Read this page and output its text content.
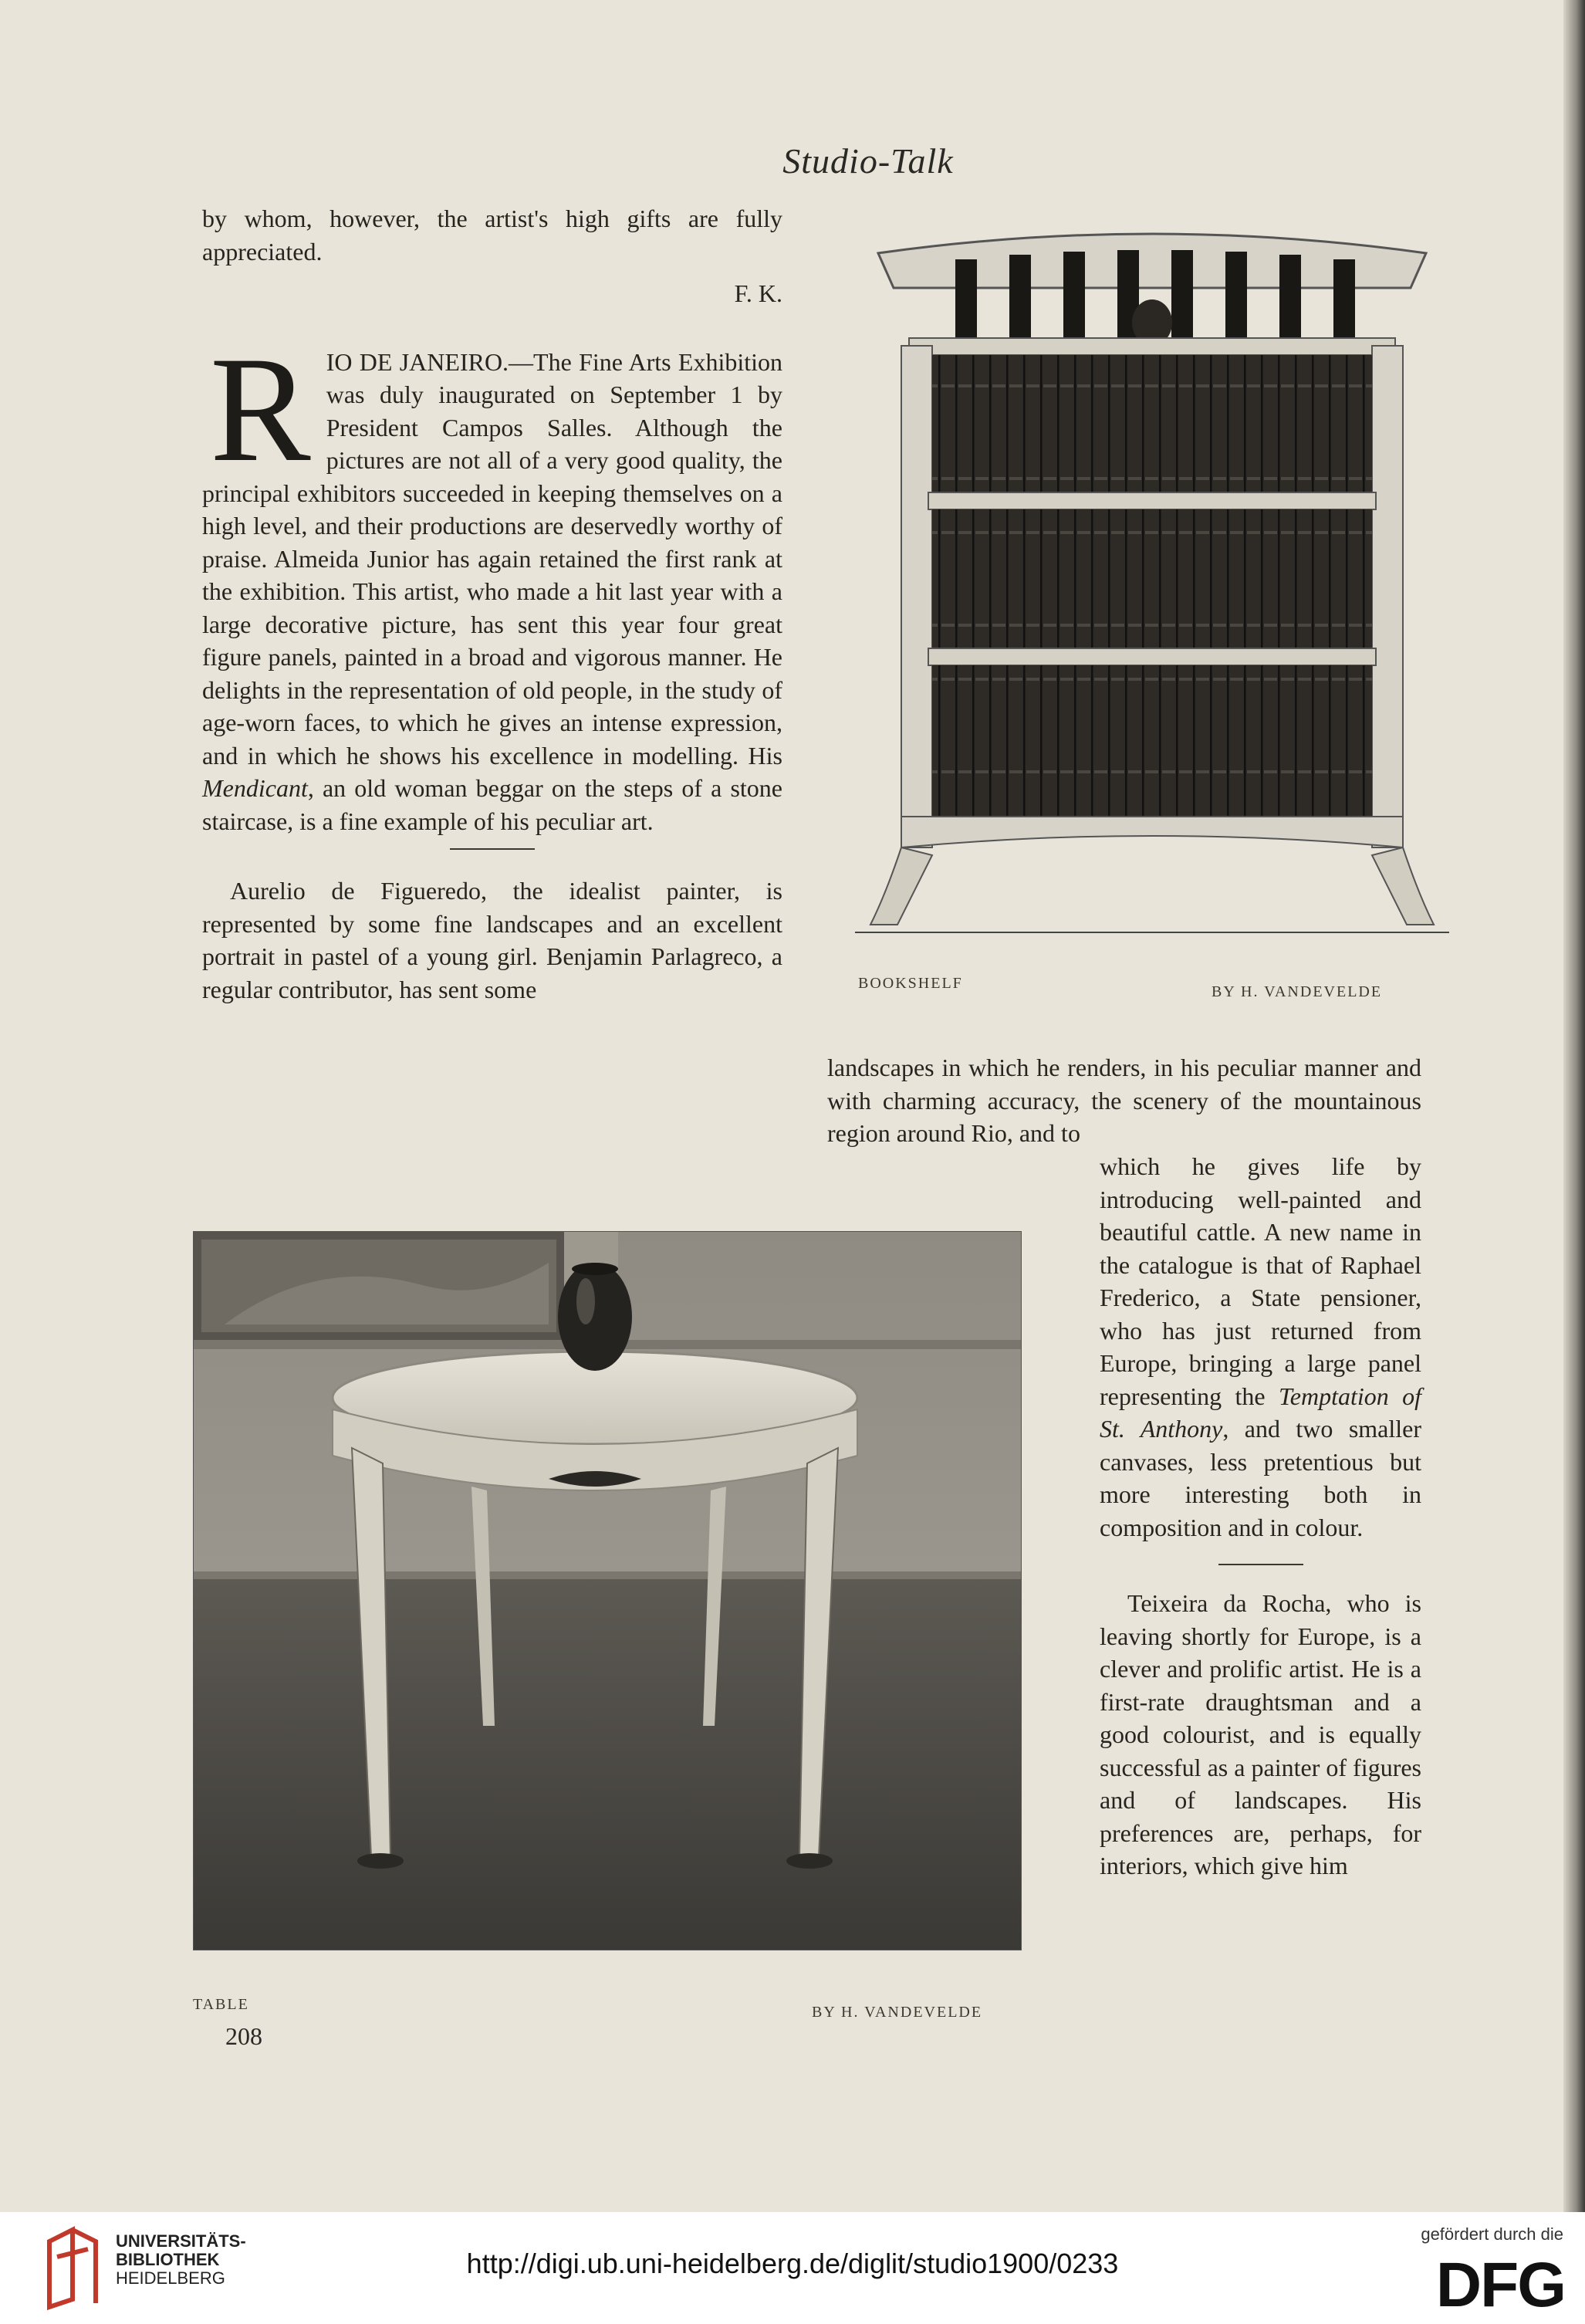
Studio-Talk

by whom, however, the artist's high gifts are fully appreciated.

F. K.

RIO DE JANEIRO.—The Fine Arts Exhibition was duly inaugurated on September 1 by President Campos Salles. Although the pictures are not all of a very good quality, the principal exhibitors succeeded in keeping themselves on a high level, and their productions are deservedly worthy of praise. Almeida Junior has again retained the first rank at the exhibition. This artist, who made a hit last year with a large decorative picture, has sent this year four great figure panels, painted in a broad and vigorous manner. He delights in the representation of old people, in the study of age-worn faces, to which he gives an intense expression, and in which he shows his excellence in modelling. His Mendicant, an old woman beggar on the steps of a stone staircase, is a fine example of his peculiar art.

Aurelio de Figueredo, the idealist painter, is represented by some fine landscapes and an excellent portrait in pastel of a young girl. Benjamin Parlagreco, a regular contributor, has sent some	BOOKSHELF	BY H. VANDEVELDE
landscapes in which he renders, in his peculiar manner and with charming accuracy, the scenery of the mountainous region around Rio, and to

which he gives life by introducing well-painted and beautiful cattle. A new name in the catalogue is that of Raphael Frederico, a State pensioner, who has just returned from Europe, bringing a large panel representing the Temptation of St. Anthony, and two smaller canvases, less pretentious but more interesting both in composition and in colour.

Teixeira da Rocha, who is leaving shortly for Europe, is a clever and prolific artist. He is a first-rate draughtsman and a good colourist, and is equally successful as a painter of figures and of landscapes. His preferences are, perhaps, for interiors, which give him

TABLE	BY H. VANDEVELDE
208
UNIVERSITÄTS-
BIBLIOTHEK
HEIDELBERG	http://digi.ub.uni-heidelberg.de/diglit/studio1900/0233
gefördert durch die
DFG
